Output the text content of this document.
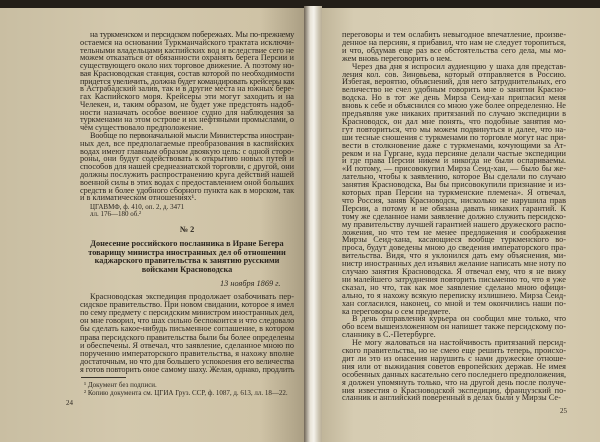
на туркменском и персидском побережьях. Мы по-прежнему
остаемся на основании Туркманчайского трактата исключи-
тельными владельцами каспийских вод и вследствие сего не
можем отказаться от обязанности охранять берега Персии и
существующего около них торговое движение. А поэтому но-
вая Красноводская станция, состав которой по необходимости
придется увеличить, должна будет командировать крейсеры как
в Астрабадский залив, так и в другие места на южных бере-
гах Каспийского моря. Крейсеры эти могут заходить и на
Челекен, и, таким образом, не будет уже предстоять надоб-
ности назначать особое военное судно для наблюдения за
туркменами на этом острове и их нефтяными промыслами, о
чём существовало предположение.
Вообще по первоначальной мысли Министерства иностран-
ных дел, все предполагаемые преобразования в каспийских
водах имеют главным образом двоякую цель: с одной сторо-
роны, они будут содействовать к открытию новых путей и
способов для нашей среднеазиатской торговли, с другой, они
должны послужить распространению круга действий нашей
военной силы в этих водах с предоставлением оной больших
средств и более удобного сборного пункта как в морском, так
и в климатическом отношениях¹.
ЦГАВМФ, ф. 410, оп. 2, д. 3471
лл. 176—180 об.²
№ 2
Донесение российского посланника в Иране Бегера
товарищу министра иностранных дел об отношении
каджарского правительства к занятию русскими
войсками Красноводска
13 ноября 1869 г.
Красноводская экспедиция продолжает озабочивать пер-
сидское правительство. При новом свидании, которое я имел
по сему предмету с персидским министром иностранных дел,
он мне говорил, что шах сильно беспокоится и что следовало
бы сделать какое-нибудь письменное соглашение, в котором
права персидского правительства были бы более определены
и обеспечены. Я отвечал, что заявление, сделанное мною по
поручению императорского правительства, я нахожу вполне
достаточным, но что для большего успокоения его величества
я готов повторить оное самому шаху. Желая, однако, продлить
¹ Документ без подписи.
² Копию документа см. ЦГИА Груз. ССР, ф. 1087, д. 613, лл. 18—22.
24
переговоры и тем ослабить невыгодное впечатление, произве-
денное на персиян, я прибавил, что нам не следует торопиться,
и что, обдумав еще раз все обстоятельства сего дела, мы мо-
жем вновь переговорить о нем.
Через два дня я испросил аудиенцию у шаха для представ-
ления кол. сов. Зиновьева, который отправляется в Россию.
Избегая, вероятно, объяснений, для него затруднительных, его
величество не счел удобным говорить мне о занятии Красно-
водска. Но в тот же день Мирза Сеид-хан пригласил меня
вновь к себе и объяснился со мною уже более определенно. Не
предъявляя уже никаких притязаний по случаю экспедиции в
Красноводск, он дал мне понять, что подобные занятия мо-
гут повториться, что мы можем подвинуться и далее, что на-
ши тесные сношения с туркменами по торговле могут нас при-
вести в столкновение даже с туркменами, кочующими за Ат-
реком и на Гургане, куда персияне делали частые экспедиции
и где права Персии никем и никогда не были оспариваемы.
«И потому, — присовокупил Мирза Сеид-хан, — было бы же-
лательно, чтобы к заявлению, которое Вы сделали по случаю
занятия Красноводска, Вы бы присовокупили признание и из-
которых прав Персии на туркменские племена». Я отвечал,
что Россия, заняв Красноводск, нисколько не нарушила прав
Персии, а потому и не обязана давать никаких гарантий. К
тому же сделанное нами заявление должно служить персидско-
му правительству лучшей гарантией нашего дружеского распо-
ложения, но что тем не менее предложения и соображения
Мирзы Сеид-хана, касающиеся вообще туркменского во-
проса, будут доведены мною до сведения императорского пра-
вительства. Видя, что я уклонился дать ему объяснения, ми-
нистр иностранных дел изъявил желание написать мне ноту по
случаю занятия Красноводска. Я отвечал ему, что я не вижу
ни малейшего затруднения повторить письменно то, что я уже
сказал, но что, так как мое заявление сделано мною офици-
ально, то я нахожу всякую переписку излишнею. Мирза Сеид-
хан согласился, наконец, со мной и тем окончились наши по-
ка переговоры о сем предмете.
В день отправления курьера он сообщил мне только, что
обо всем вышеизложенном он напишет также персидскому по-
сланнику в С.-Петербурге.
Не могу жаловаться на настойчивость притязаний персид-
ского правительства, но не смею еще решить теперь, происхо-
дит ли это из опасения нарушить с нами дружеские отноше-
ния или от выжидания советов европейских держав. Не имея
особенных данных касательно сего последнего предположения,
я должен упомянуть только, что на другой день после получе-
ния известия о Красноводской экспедиции, французский по-
сланник и английский поверенный в делах были у Мирзы Се-
25
